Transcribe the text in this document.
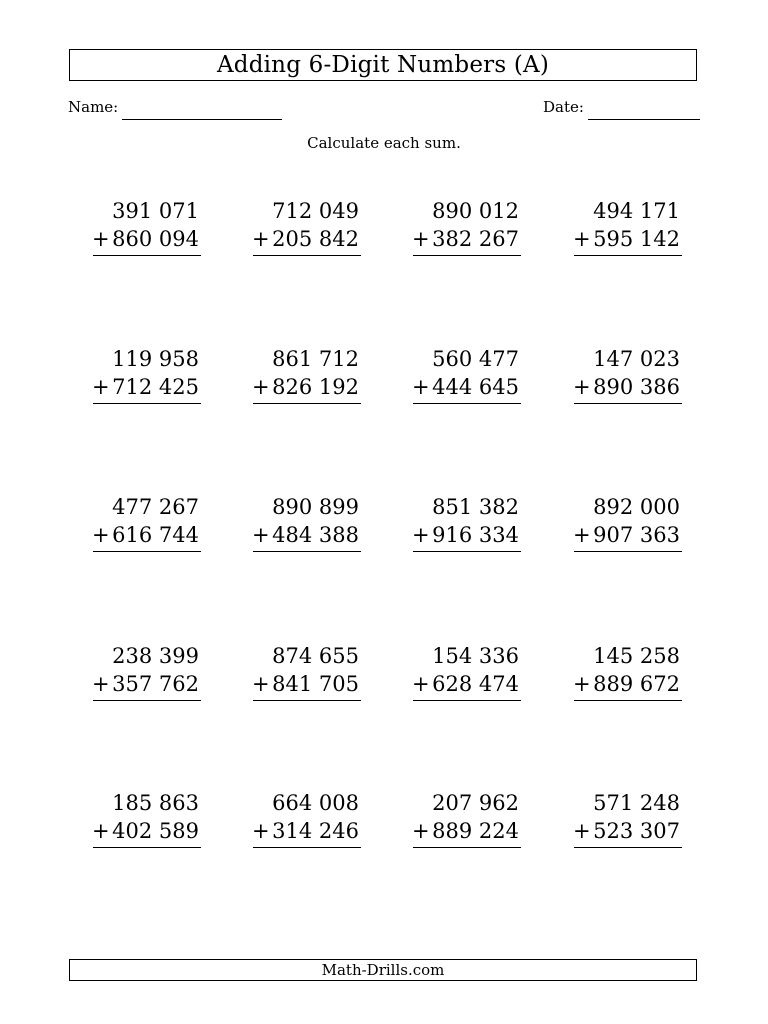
Adding 6-Digit Numbers (A)
Name:	Date:
Calculate each sum.
391 071
+ 860 094
712 049
+ 205 842
890 012
+ 382 267
494 171
+ 595 142
119 958
+ 712 425
861 712
+ 826 192
560 477
+ 444 645
147 023
+ 890 386
477 267
+ 616 744
890 899
+ 484 388
851 382
+ 916 334
892 000
+ 907 363
238 399
+ 357 762
874 655
+ 841 705
154 336
+ 628 474
145 258
+ 889 672
185 863
+ 402 589
664 008
+ 314 246
207 962
+ 889 224
571 248
+ 523 307
Math-Drills.com
